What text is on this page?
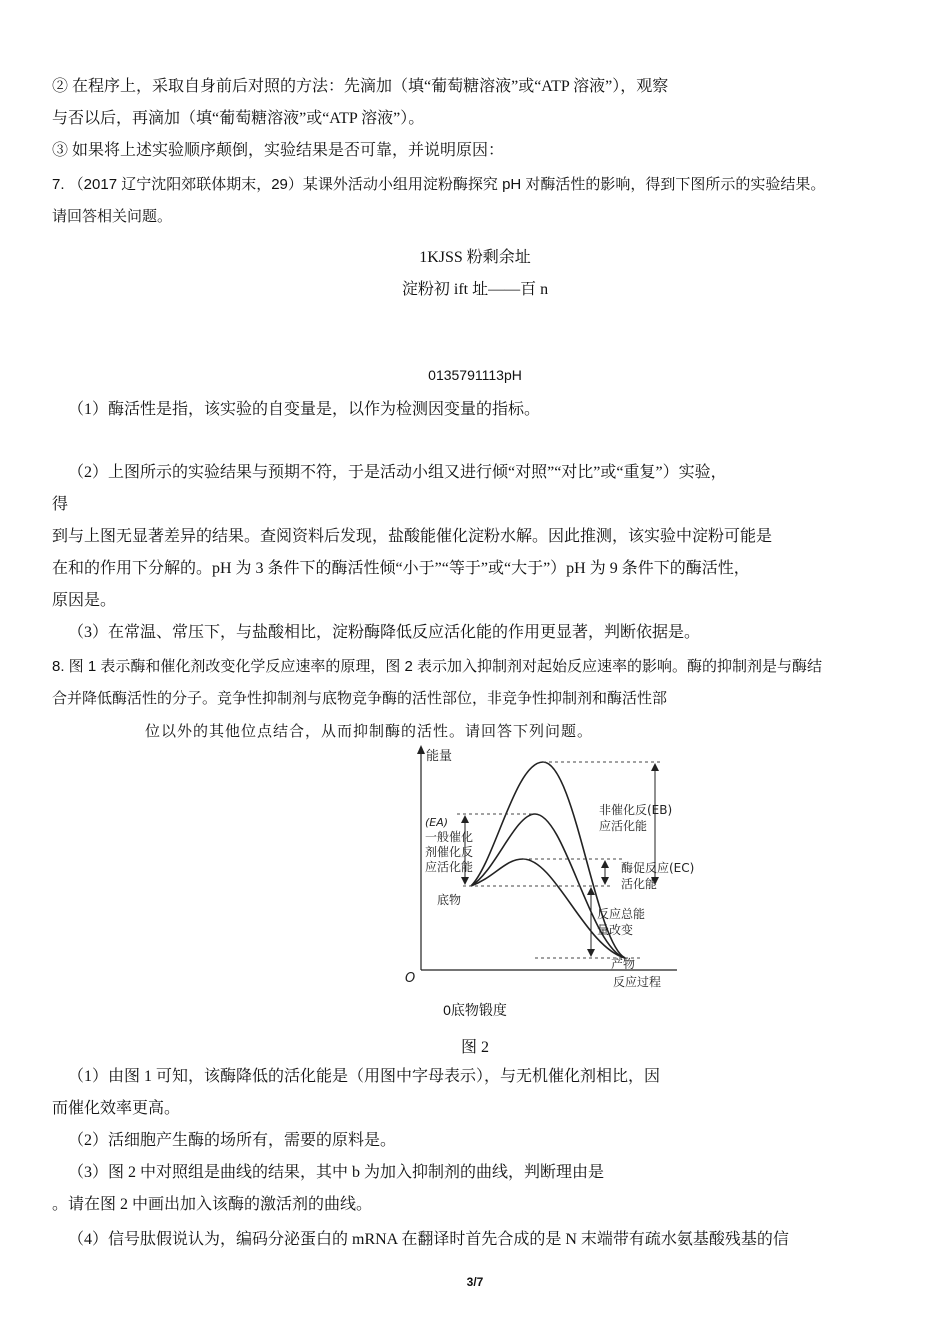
② 在程序上，采取自身前后对照的方法：先滴加（填“葡萄糖溶液”或“ATP 溶液”），观察
与否以后，再滴加（填“葡萄糖溶液”或“ATP 溶液”）。
③ 如果将上述实验顺序颠倒，实验结果是否可靠，并说明原因：
7. （2017 辽宁沈阳郊联体期末，29）某课外活动小组用淀粉酶探究 pH 对酶活性的影响，得到下图所示的实验结果。
请回答相关问题。
1KJSS 粉剩余址
淀粉初 ift 址——百 n
0135791113pH
（1）酶活性是指，该实验的自变量是，以作为检测因变量的指标。
（2）上图所示的实验结果与预期不符，于是活动小组又进行倾“对照”“对比”或“重复”）实验，
得
到与上图无显著差异的结果。查阅资料后发现，盐酸能催化淀粉水解。因此推测，该实验中淀粉可能是
在和的作用下分解的。pH 为 3 条件下的酶活性倾“小于”“等于”或“大于”）pH 为 9 条件下的酶活性，
原因是。
（3）在常温、常压下，与盐酸相比，淀粉酶降低反应活化能的作用更显著，判断依据是。
8. 图 1 表示酶和催化剂改变化学反应速率的原理，图 2 表示加入抑制剂对起始反应速率的影响。酶的抑制剂是与酶结
合并降低酶活性的分子。竞争性抑制剂与底物竞争酶的活性部位，非竞争性抑制剂和酶活性部
位以外的其他位点结合，从而抑制酶的活性。请回答下列问题。
能量
O	反应过程
(EA)
一般催化
剂催化反
应活化能
底物
非催化反(EB)
应活化能
酶促反应(EC)
活化能
反应总能
量改变
产物
0底物锻度
图 2
（1）由图 1 可知，该酶降低的活化能是（用图中字母表示），与无机催化剂相比，因
而催化效率更高。
（2）活细胞产生酶的场所有，需要的原料是。
（3）图 2 中对照组是曲线的结果，其中 b 为加入抑制剂的曲线，判断理由是
。请在图 2 中画出加入该酶的激活剂的曲线。
（4）信号肽假说认为，编码分泌蛋白的 mRNA 在翻译时首先合成的是 N 末端带有疏水氨基酸残基的信
3/7
